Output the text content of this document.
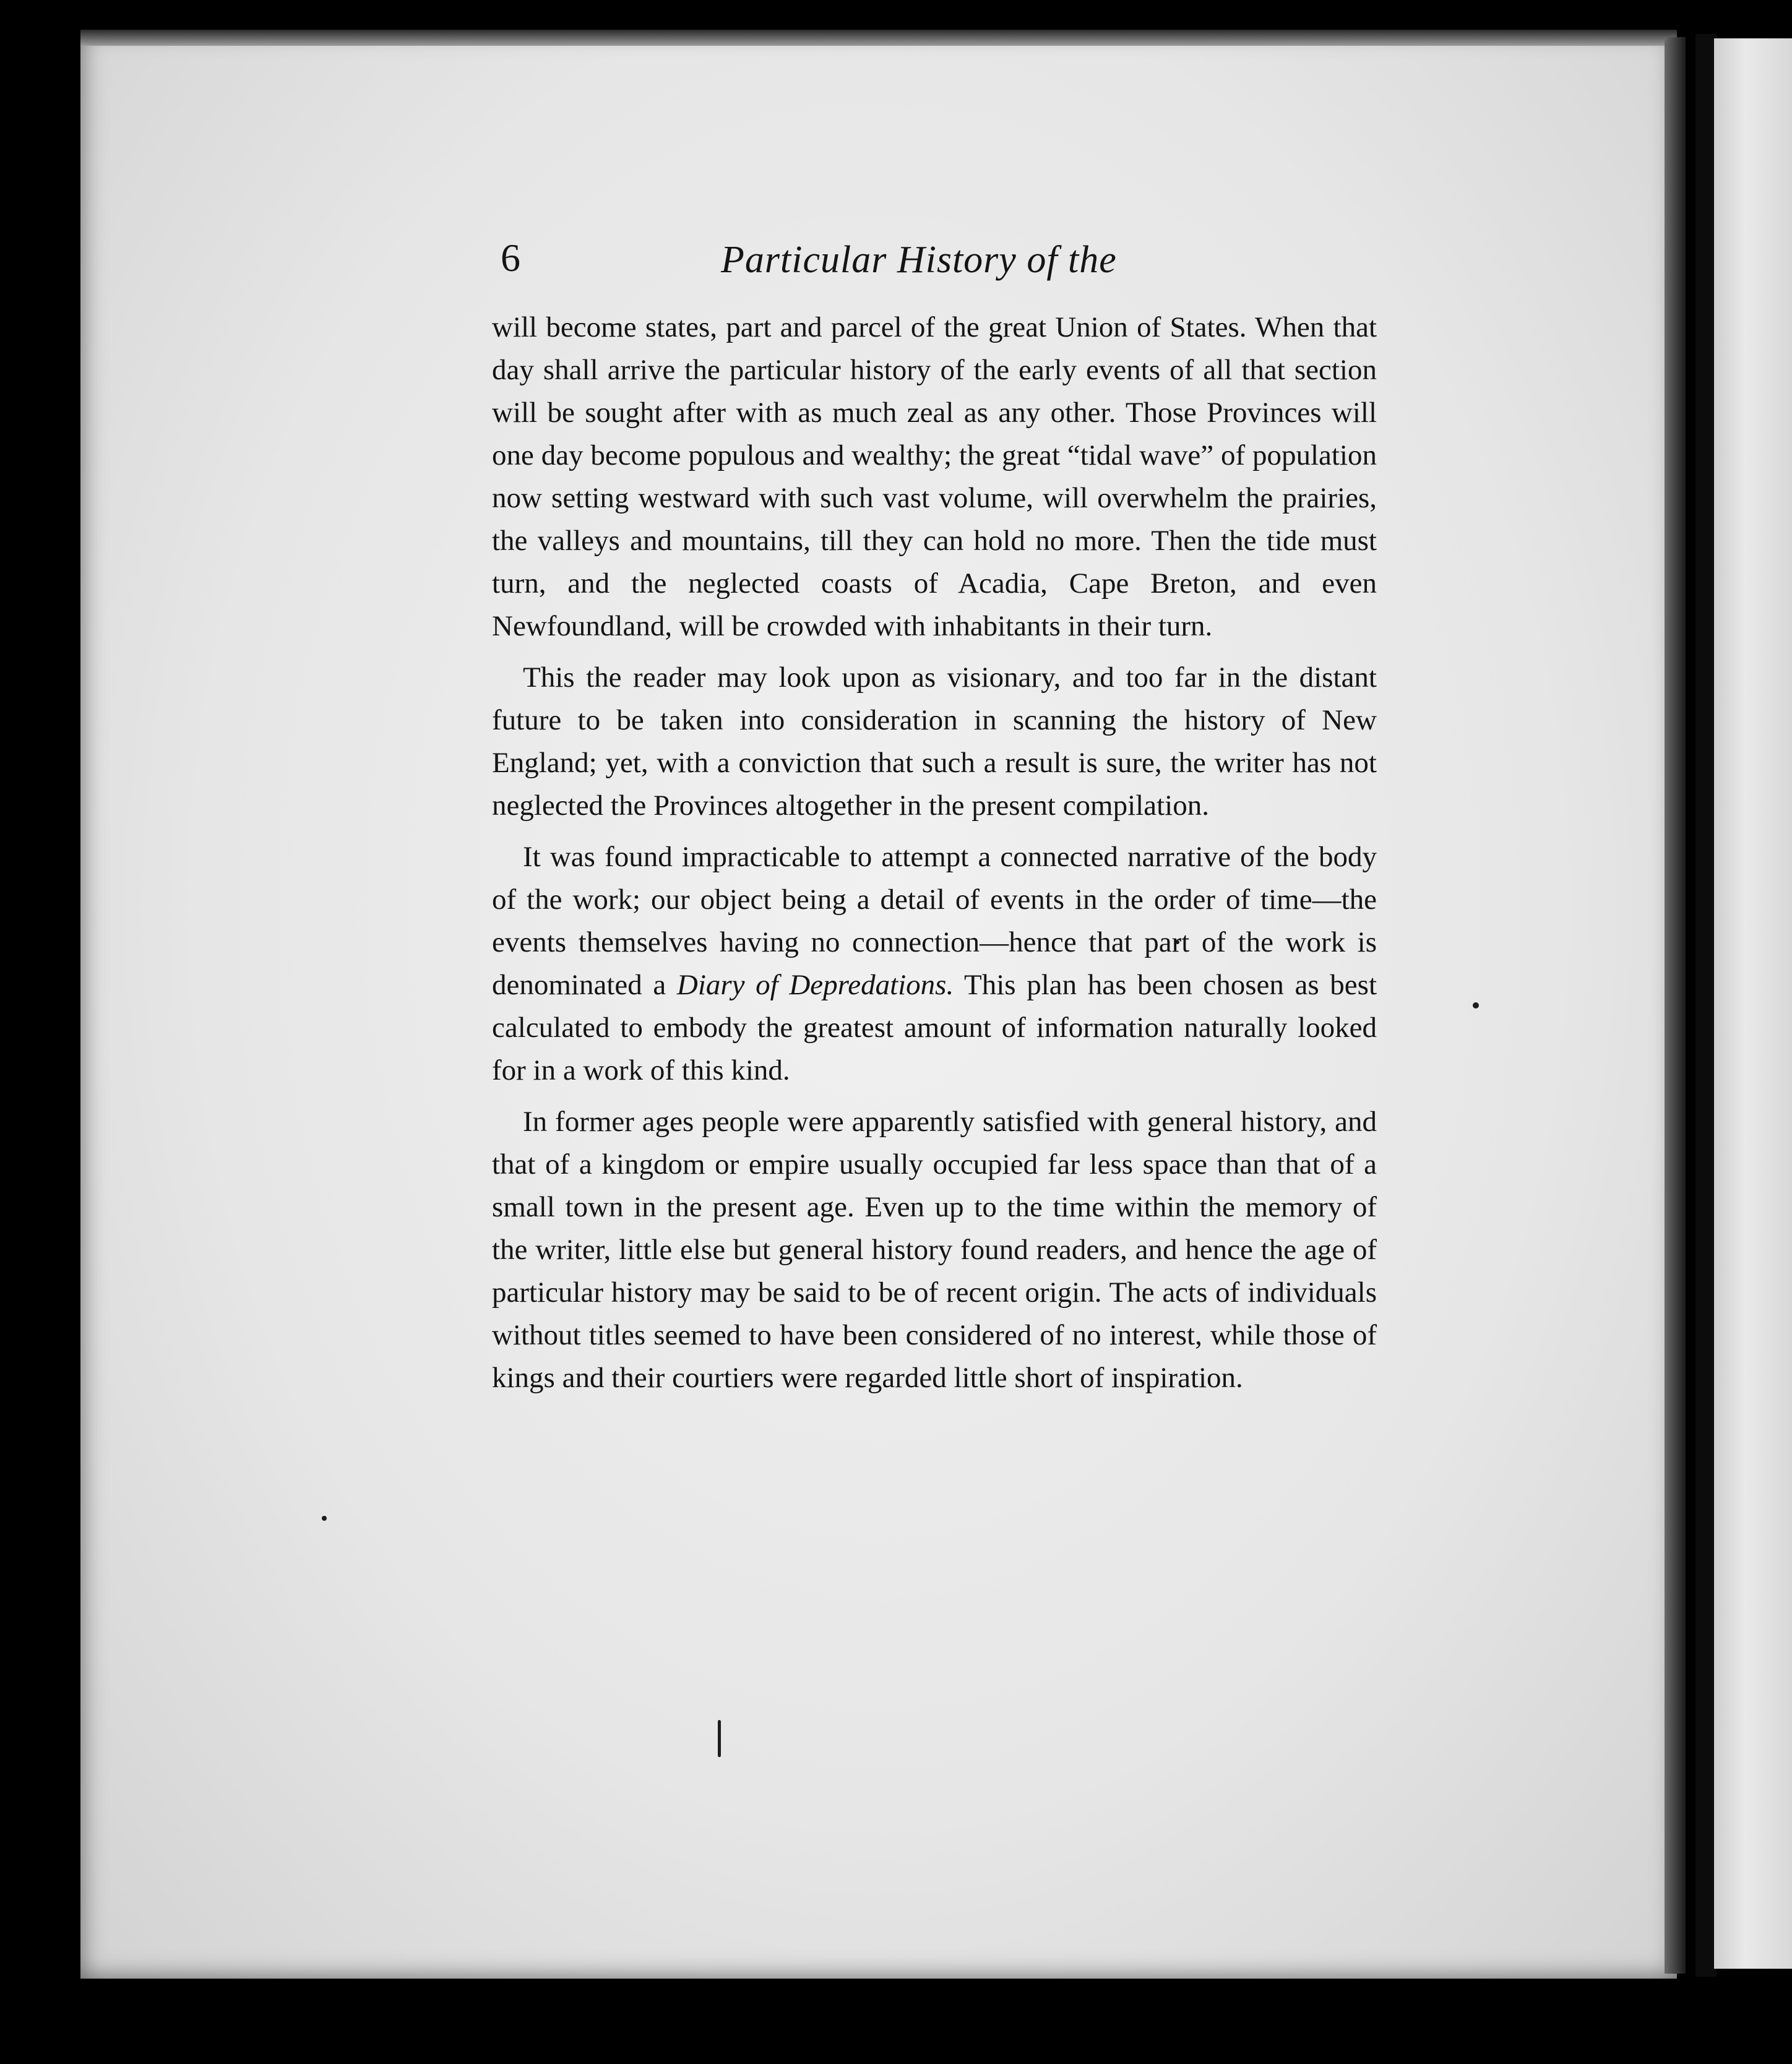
6	Particular History of the

will become states, part and parcel of the great Union of States. When that day shall arrive the particular history of the early events of all that section will be sought after with as much zeal as any other. Those Provinces will one day become populous and wealthy; the great “tidal wave” of population now setting westward with such vast volume, will overwhelm the prairies, the valleys and mountains, till they can hold no more. Then the tide must turn, and the neglected coasts of Acadia, Cape Breton, and even Newfoundland, will be crowded with inhabitants in their turn.

This the reader may look upon as visionary, and too far in the distant future to be taken into consideration in scanning the history of New England; yet, with a conviction that such a result is sure, the writer has not neglected the Provinces altogether in the present compilation.

It was found impracticable to attempt a connected narrative of the body of the work; our object being a detail of events in the order of time—the events themselves having no connection—hence that part of the work is denominated a Diary of Depredations. This plan has been chosen as best calculated to embody the greatest amount of information naturally looked for in a work of this kind.

In former ages people were apparently satisfied with general history, and that of a kingdom or empire usually occupied far less space than that of a small town in the present age. Even up to the time within the memory of the writer, little else but general history found readers, and hence the age of particular history may be said to be of recent origin. The acts of individuals without titles seemed to have been considered of no interest, while those of kings and their courtiers were regarded little short of inspiration.
